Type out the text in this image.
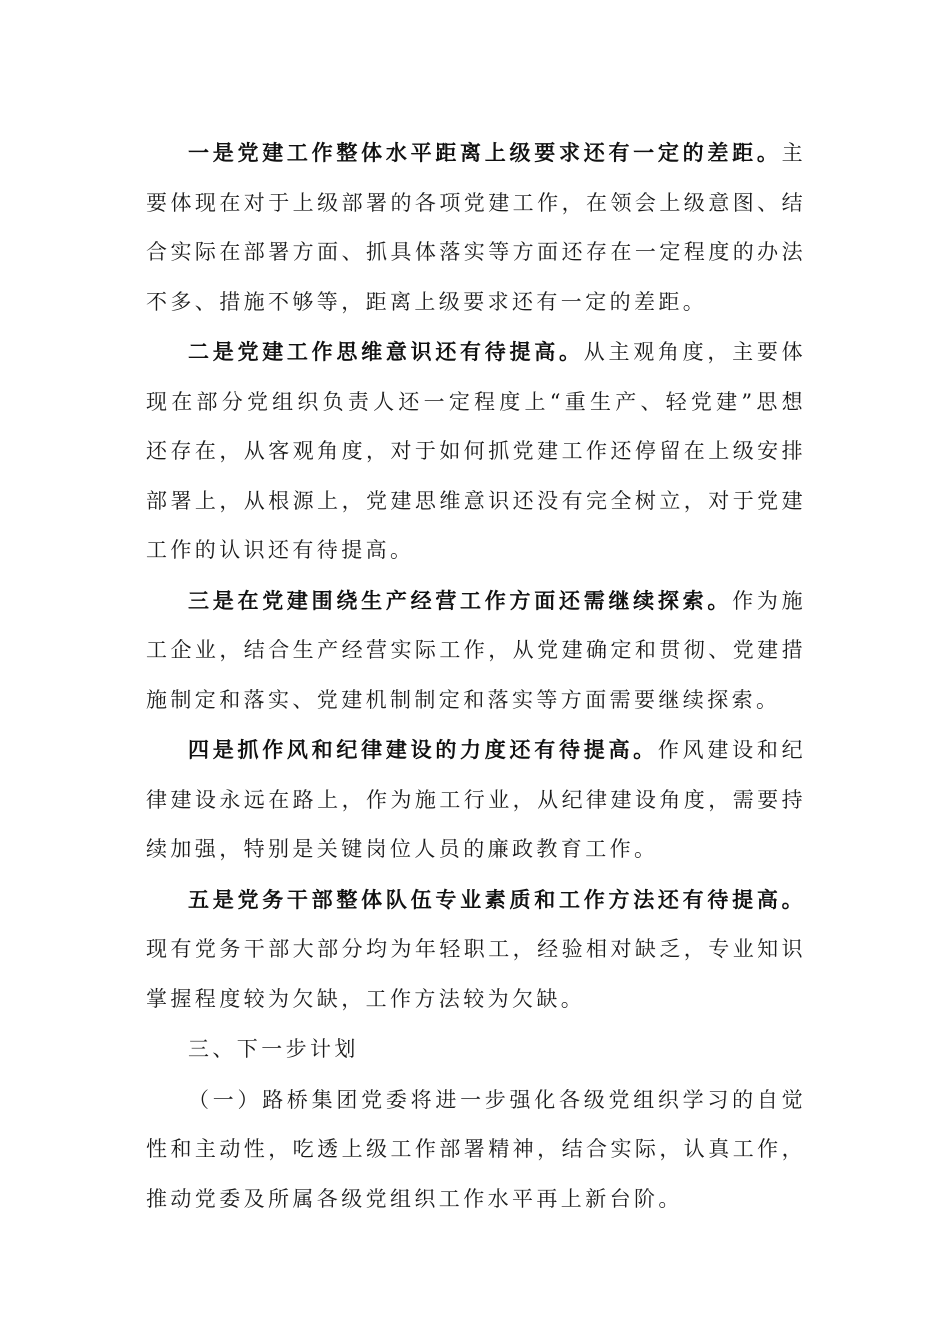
一是党建工作整体水平距离上级要求还有一定的差距。主要体现在对于上级部署的各项党建工作，在领会上级意图、结合实际在部署方面、抓具体落实等方面还存在一定程度的办法不多、措施不够等，距离上级要求还有一定的差距。

二是党建工作思维意识还有待提高。从主观角度，主要体现在部分党组织负责人还一定程度上“重生产、轻党建”思想还存在，从客观角度，对于如何抓党建工作还停留在上级安排部署上，从根源上，党建思维意识还没有完全树立，对于党建工作的认识还有待提高。

三是在党建围绕生产经营工作方面还需继续探索。作为施工企业，结合生产经营实际工作，从党建确定和贯彻、党建措施制定和落实、党建机制制定和落实等方面需要继续探索。

四是抓作风和纪律建设的力度还有待提高。作风建设和纪律建设永远在路上，作为施工行业，从纪律建设角度，需要持续加强，特别是关键岗位人员的廉政教育工作。

五是党务干部整体队伍专业素质和工作方法还有待提高。现有党务干部大部分均为年轻职工，经验相对缺乏，专业知识掌握程度较为欠缺，工作方法较为欠缺。

三、下一步计划

（一）路桥集团党委将进一步强化各级党组织学习的自觉性和主动性，吃透上级工作部署精神，结合实际，认真工作，推动党委及所属各级党组织工作水平再上新台阶。
